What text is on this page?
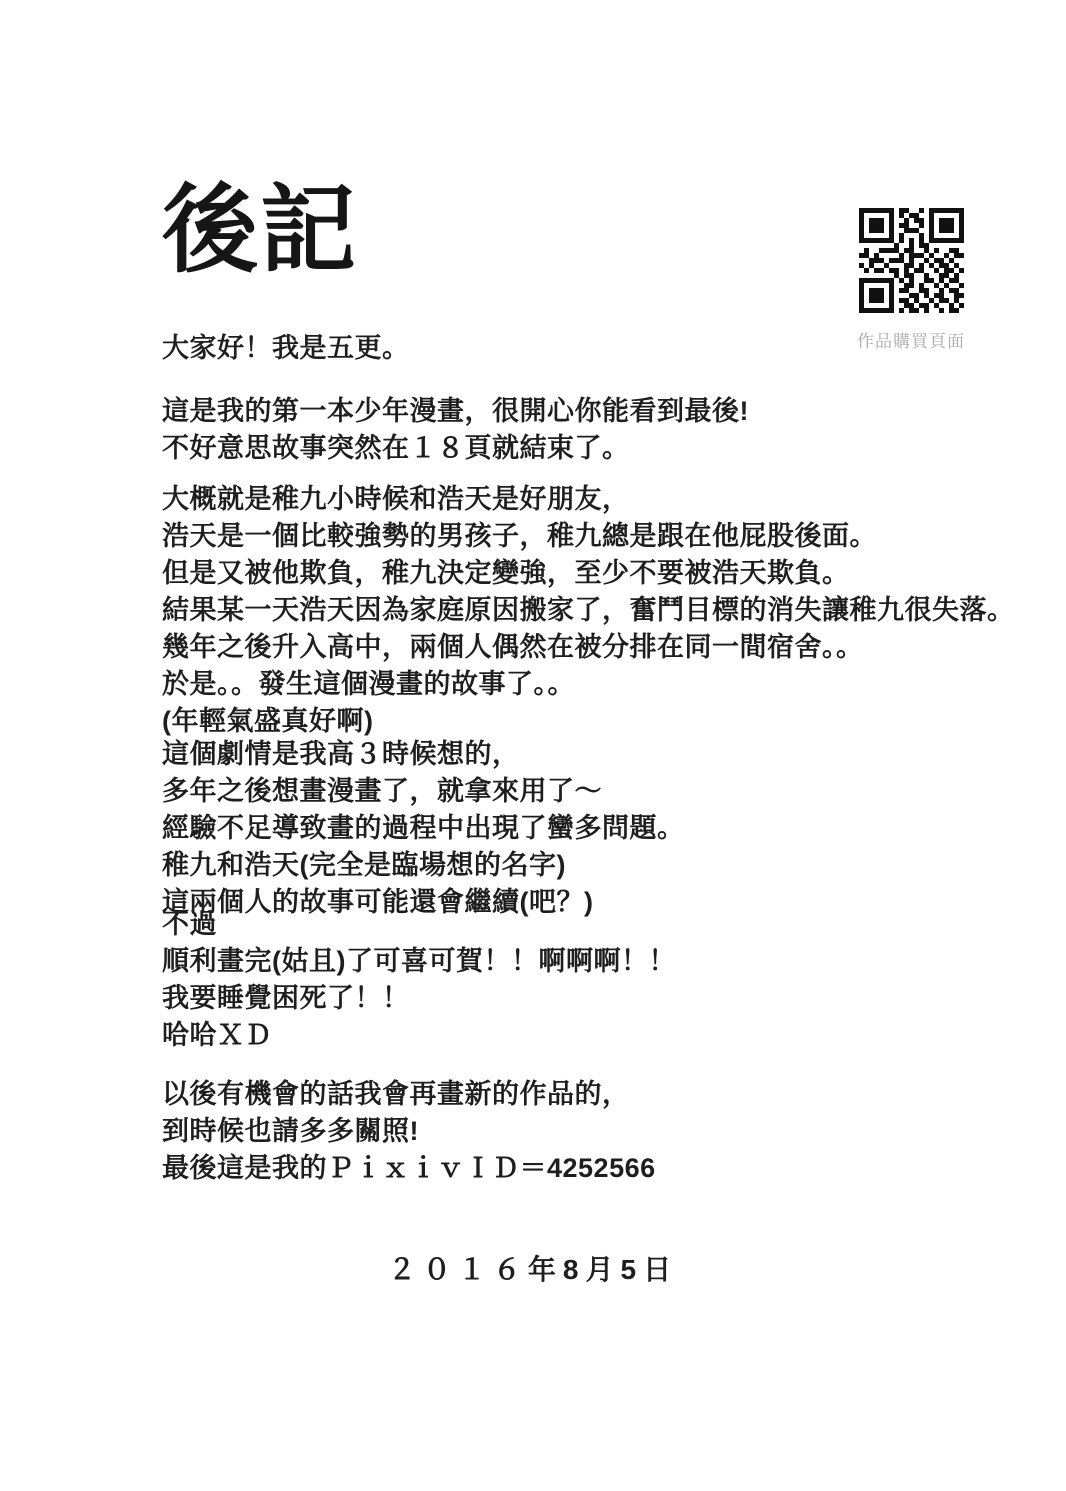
後記
作品購買頁面

大家好！我是五更。

這是我的第一本少年漫畫，很開心你能看到最後!
不好意思故事突然在１８頁就結束了。
大概就是稚九小時候和浩天是好朋友，
浩天是一個比較強勢的男孩子，稚九總是跟在他屁股後面。
但是又被他欺負，稚九決定變強，至少不要被浩天欺負。
結果某一天浩天因為家庭原因搬家了，奮鬥目標的消失讓稚九很失落。
幾年之後升入高中，兩個人偶然在被分排在同一間宿舍。。
於是。。發生這個漫畫的故事了。。
(年輕氣盛真好啊)
這個劇情是我高３時候想的，
多年之後想畫漫畫了，就拿來用了～
經驗不足導致畫的過程中出現了蠻多問題。
稚九和浩天(完全是臨場想的名字)
這兩個人的故事可能還會繼續(吧？)
不過
順利畫完(姑且)了可喜可賀！！啊啊啊！！
我要睡覺困死了！！
哈哈ＸＤ
以後有機會的話我會再畫新的作品的，
到時候也請多多關照!
最後這是我的ＰｉｘｉｖＩＤ＝4252566
２０１６年8月5日
